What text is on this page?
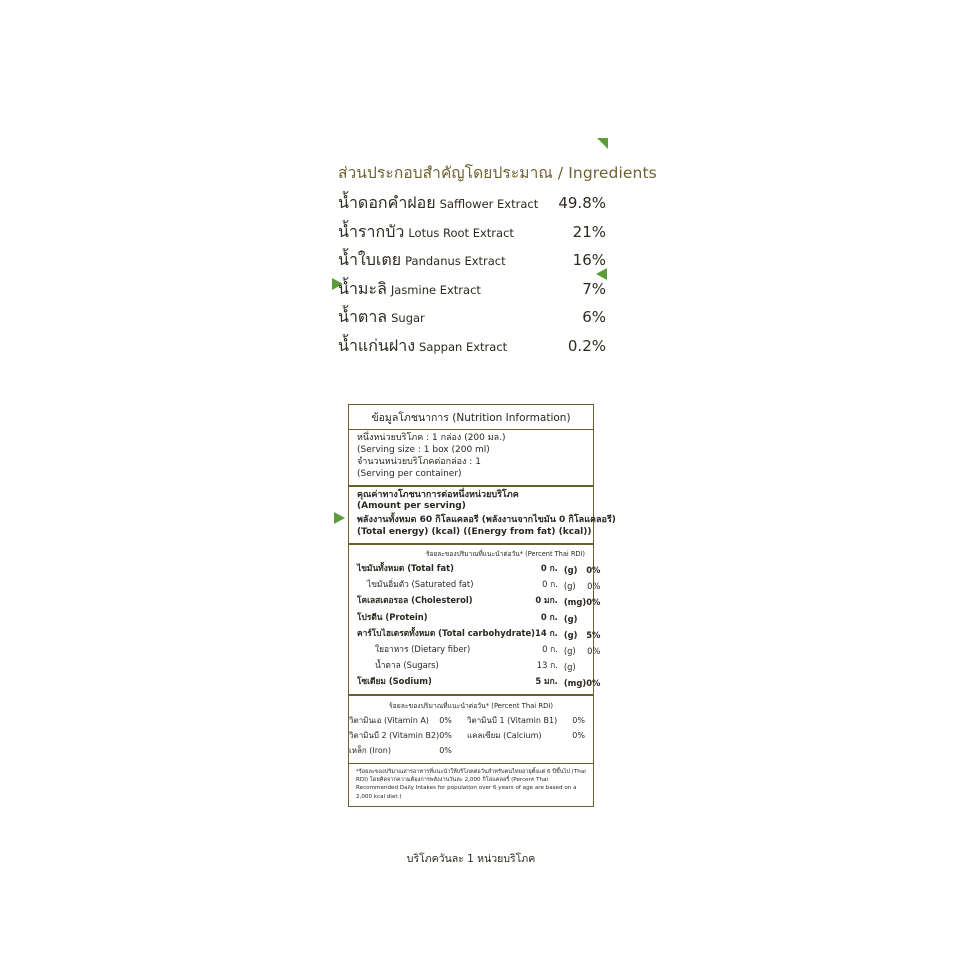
ส่วนประกอบสำคัญโดยประมาณ / Ingredients
น้ำดอกคำฝอย Safflower Extract 49.8%
น้ำรากบัว Lotus Root Extract	21%
น้ำใบเตย Pandanus Extract	16%
น้ำมะลิ Jasmine Extract	7%
น้ำตาล Sugar	6%
น้ำแก่นฝาง Sappan Extract	0.2%
ข้อมูลโภชนาการ (Nutrition Information)
หนึ่งหน่วยบริโภค : 1 กล่อง (200 มล.)
(Serving size : 1 box (200 ml)
จำนวนหน่วยบริโภคต่อกล่อง : 1
(Serving per container)
คุณค่าทางโภชนาการต่อหนึ่งหน่วยบริโภค
(Amount per serving)
พลังงานทั้งหมด 60 กิโลแคลอรี (พลังงานจากไขมัน 0 กิโลแคลอรี)
(Total energy) (kcal) ((Energy from fat) (kcal))
ร้อยละของปริมาณที่แนะนำต่อวัน* (Percent Thai RDI)
ไขมันทั้งหมด (Total fat)	0 ก.	(g)	0%
ไขมันอิ่มตัว (Saturated fat)	0 ก.	(g)	0%
โคเลสเตอรอล (Cholesterol)	0 มก.	(mg)	0%
โปรตีน (Protein)	0 ก.	(g)	
คาร์โบไฮเดรตทั้งหมด (Total carbohydrate)	14 ก.	(g)	5%
ใยอาหาร (Dietary fiber)	0 ก.	(g)	0%
น้ำตาล (Sugars)	13 ก.	(g)	
โซเดียม (Sodium)	5 มก.	(mg)	0%
ร้อยละของปริมาณที่แนะนำต่อวัน* (Percent Thai RDI)
วิตามินเอ (Vitamin A)	0%	วิตามินบี 1 (Vitamin B1)	0%
วิตามินบี 2 (Vitamin B2)	0%	แคลเซียม (Calcium)	0%
เหล็ก (Iron)	0%		
*ร้อยละของปริมาณสารอาหารที่แนะนำให้บริโภคต่อวันสำหรับคนไทยอายุตั้งแต่ 6 ปีขึ้นไป (Thai RDI) โดยคิดจากความต้องการพลังงานวันละ 2,000 กิโลแคลอรี่ (Percent Thai Recommended Daily Intakes for population over 6 years of age are based on a 2,000 kcal diet.)
บริโภควันละ 1 หน่วยบริโภค
